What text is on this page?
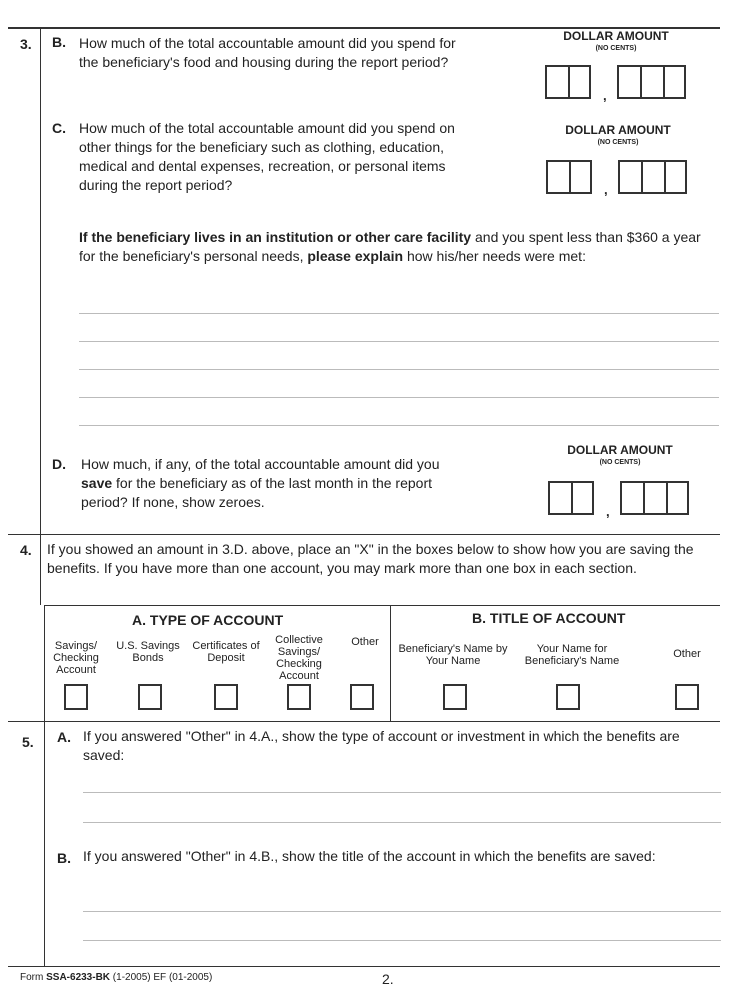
3. B. How much of the total accountable amount did you spend for the beneficiary's food and housing during the report period?
DOLLAR AMOUNT
(NO CENTS)
,
C. How much of the total accountable amount did you spend on other things for the beneficiary such as clothing, education, medical and dental expenses, recreation, or personal items during the report period?
DOLLAR AMOUNT
(NO CENTS)
,
If the beneficiary lives in an institution or other care facility and you spent less than $360 a year for the beneficiary's personal needs, please explain how his/her needs were met:
D. How much, if any, of the total accountable amount did you save for the beneficiary as of the last month in the report period? If none, show zeroes.
DOLLAR AMOUNT
(NO CENTS)
,
4. If you showed an amount in 3.D. above, place an "X" in the boxes below to show how you are saving the benefits. If you have more than one account, you may mark more than one box in each section.
A. TYPE OF ACCOUNT	B. TITLE OF ACCOUNT
Savings/ Checking Account
U.S. Savings Bonds
Certificates of Deposit
Collective Savings/ Checking Account
Other
Beneficiary's Name by Your Name
Your Name for Beneficiary's Name
Other
5. A. If you answered "Other" in 4.A., show the type of account or investment in which the benefits are saved:
B. If you answered "Other" in 4.B., show the title of the account in which the benefits are saved:
Form SSA-6233-BK (1-2005) EF (01-2005)	2.
